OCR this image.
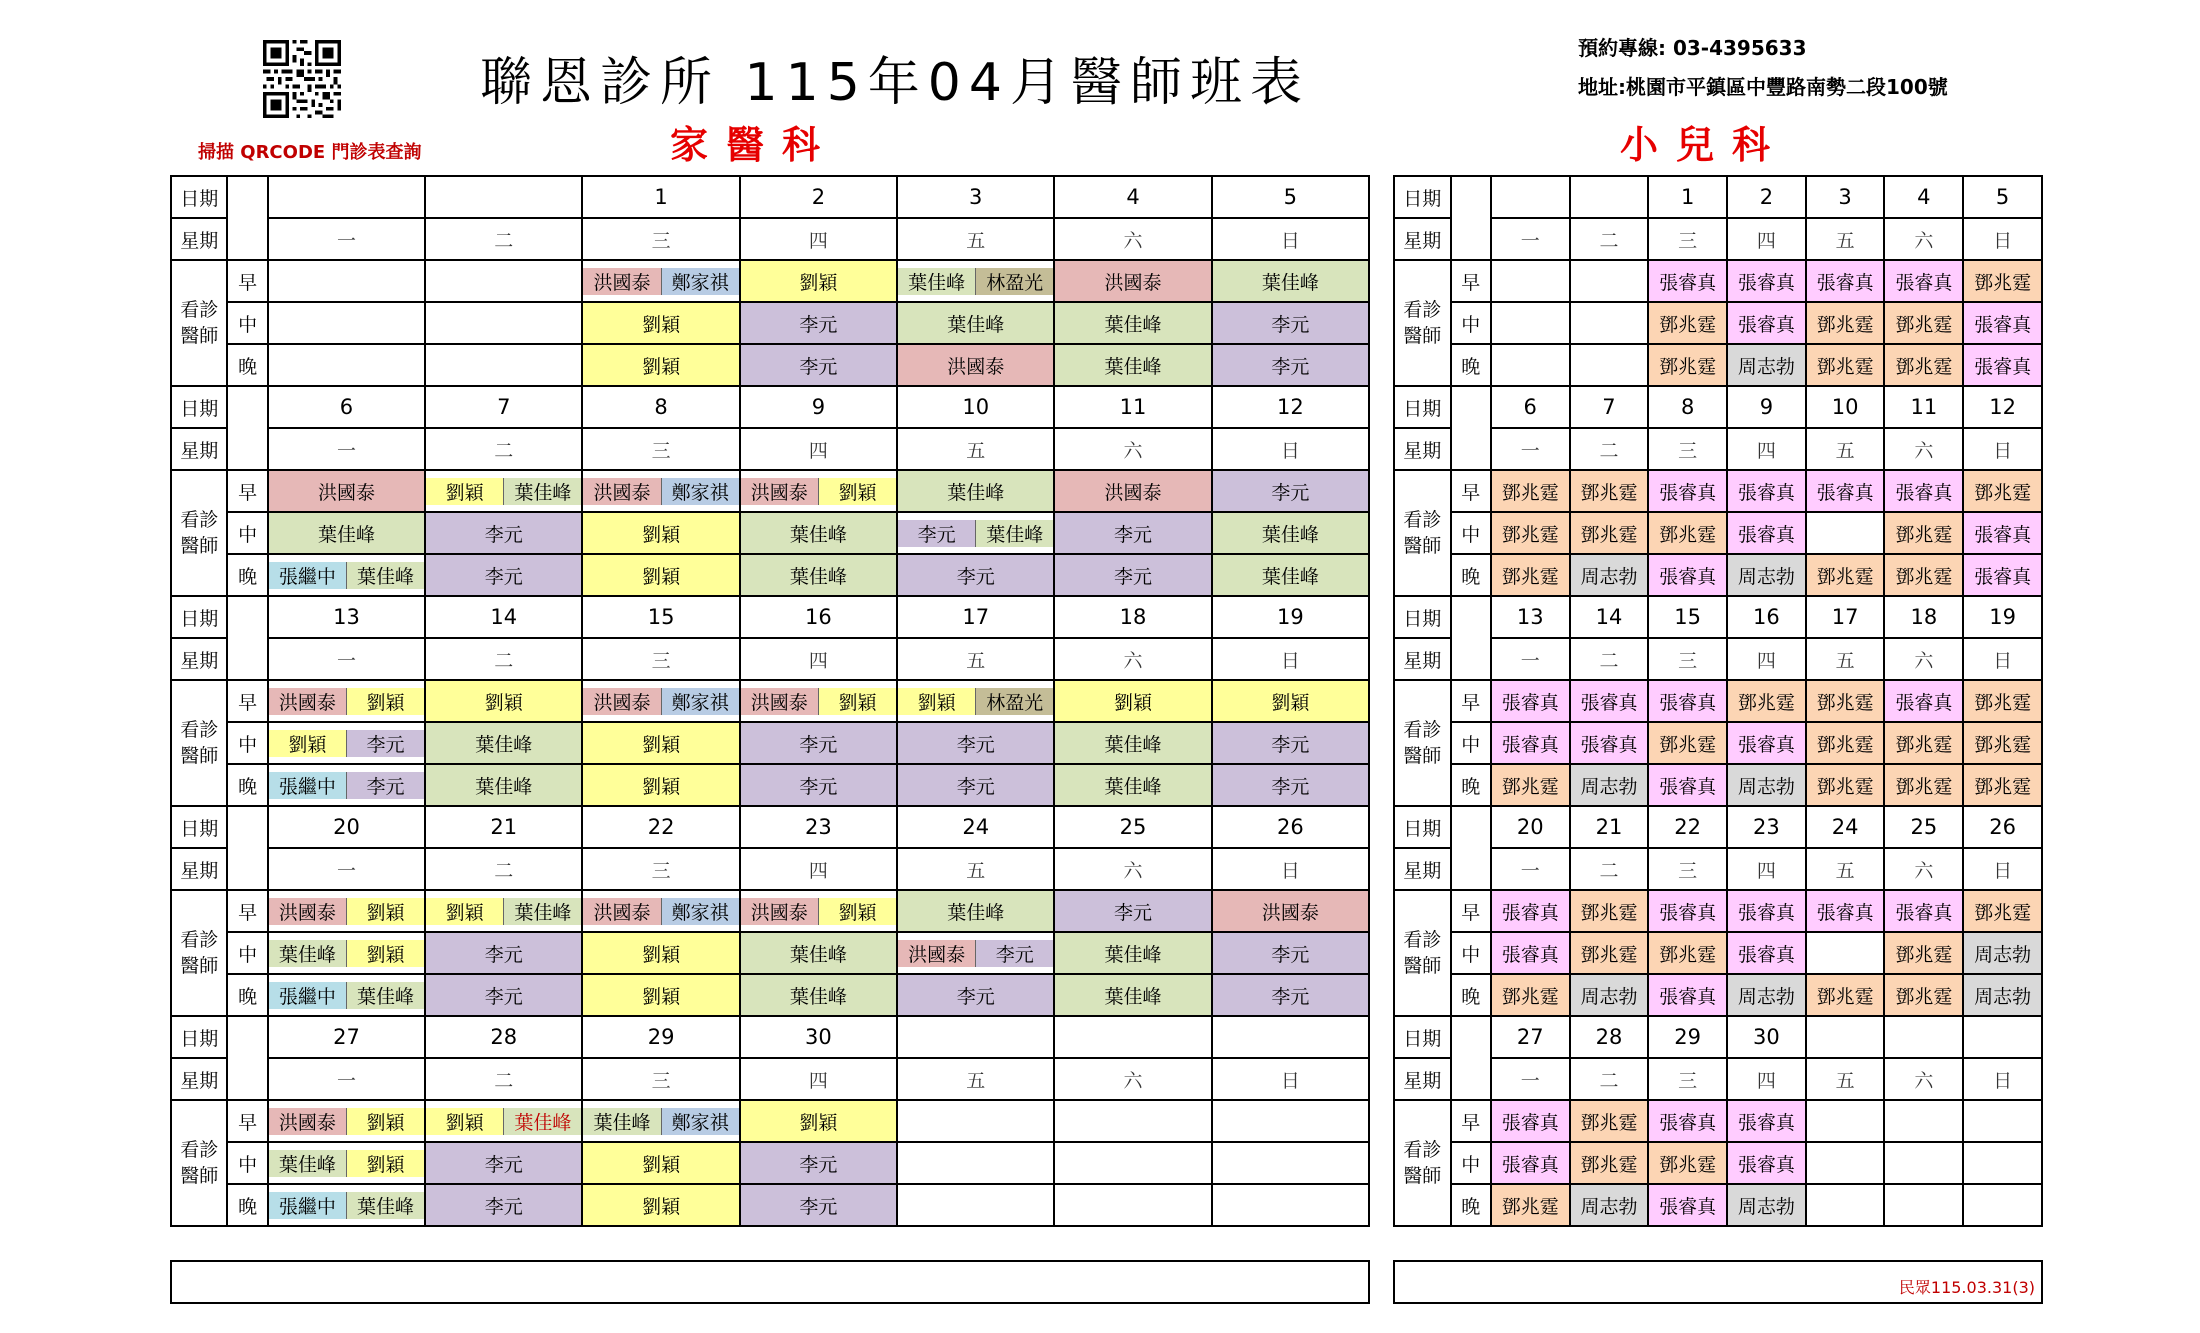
掃描 QRCODE 門診表查詢
聯恩診所 115年04月醫師班表
家醫科	小兒科
預約專線: 03-4395633
地址:桃園市平鎮區中豐路南勢二段100號
日期				1	2	3	4	5
星期		一	二	三	四	五	六	日

看診醫師	早			洪國泰 鄭家祺	劉穎	葉佳峰 林盈光	洪國泰	葉佳峰
	中			劉穎	李元	葉佳峰	葉佳峰	李元
	晚			劉穎	李元	洪國泰	葉佳峰	李元
日期		6	7	8	9	10	11	12
星期		一	二	三	四	五	六	日

看診醫師	早	洪國泰	劉穎 葉佳峰	洪國泰 鄭家祺	洪國泰 劉穎	葉佳峰	洪國泰	李元
	中	葉佳峰	李元	劉穎	葉佳峰	李元 葉佳峰	李元	葉佳峰
	晚	張繼中 葉佳峰	李元	劉穎	葉佳峰	李元	李元	葉佳峰
日期		13	14	15	16	17	18	19
星期		一	二	三	四	五	六	日

看診醫師	早	洪國泰 劉穎	劉穎	洪國泰 鄭家祺	洪國泰 劉穎	劉穎 林盈光	劉穎	劉穎
	中	劉穎 李元	葉佳峰	劉穎	李元	李元	葉佳峰	李元
	晚	張繼中 李元	葉佳峰	劉穎	李元	李元	葉佳峰	李元
日期		20	21	22	23	24	25	26
星期		一	二	三	四	五	六	日

看診醫師	早	洪國泰 劉穎	劉穎 葉佳峰	洪國泰 鄭家祺	洪國泰 劉穎	葉佳峰	李元	洪國泰
	中	葉佳峰 劉穎	李元	劉穎	葉佳峰	洪國泰 李元	葉佳峰	李元
	晚	張繼中 葉佳峰	李元	劉穎	葉佳峰	李元	葉佳峰	李元
日期		27	28	29	30			
星期		一	二	三	四	五	六	日

看診醫師	早	洪國泰 劉穎	劉穎 葉佳峰	葉佳峰 鄭家祺	劉穎			
	中	葉佳峰 劉穎	李元	劉穎	李元			
	晚	張繼中 葉佳峰	李元	劉穎	李元			
日期				1	2	3	4	5
星期		一	二	三	四	五	六	日

看診醫師	早			張睿真	張睿真	張睿真	張睿真	鄧兆霆
	中			鄧兆霆	張睿真	鄧兆霆	鄧兆霆	張睿真
	晚			鄧兆霆	周志勃	鄧兆霆	鄧兆霆	張睿真
日期		6	7	8	9	10	11	12
星期		一	二	三	四	五	六	日

看診醫師	早	鄧兆霆	鄧兆霆	張睿真	張睿真	張睿真	張睿真	鄧兆霆
	中	鄧兆霆	鄧兆霆	鄧兆霆	張睿真		鄧兆霆	張睿真
	晚	鄧兆霆	周志勃	張睿真	周志勃	鄧兆霆	鄧兆霆	張睿真
日期		13	14	15	16	17	18	19
星期		一	二	三	四	五	六	日

看診醫師	早	張睿真	張睿真	張睿真	鄧兆霆	鄧兆霆	張睿真	鄧兆霆
	中	張睿真	張睿真	鄧兆霆	張睿真	鄧兆霆	鄧兆霆	鄧兆霆
	晚	鄧兆霆	周志勃	張睿真	周志勃	鄧兆霆	鄧兆霆	鄧兆霆
日期		20	21	22	23	24	25	26
星期		一	二	三	四	五	六	日

看診醫師	早	張睿真	鄧兆霆	張睿真	張睿真	張睿真	張睿真	鄧兆霆
	中	張睿真	鄧兆霆	鄧兆霆	張睿真		鄧兆霆	周志勃
	晚	鄧兆霆	周志勃	張睿真	周志勃	鄧兆霆	鄧兆霆	周志勃
日期		27	28	29	30			
星期		一	二	三	四	五	六	日

看診醫師	早	張睿真	鄧兆霆	張睿真	張睿真			
	中	張睿真	鄧兆霆	鄧兆霆	張睿真			
	晚	鄧兆霆	周志勃	張睿真	周志勃			
民眾115.03.31(3)
